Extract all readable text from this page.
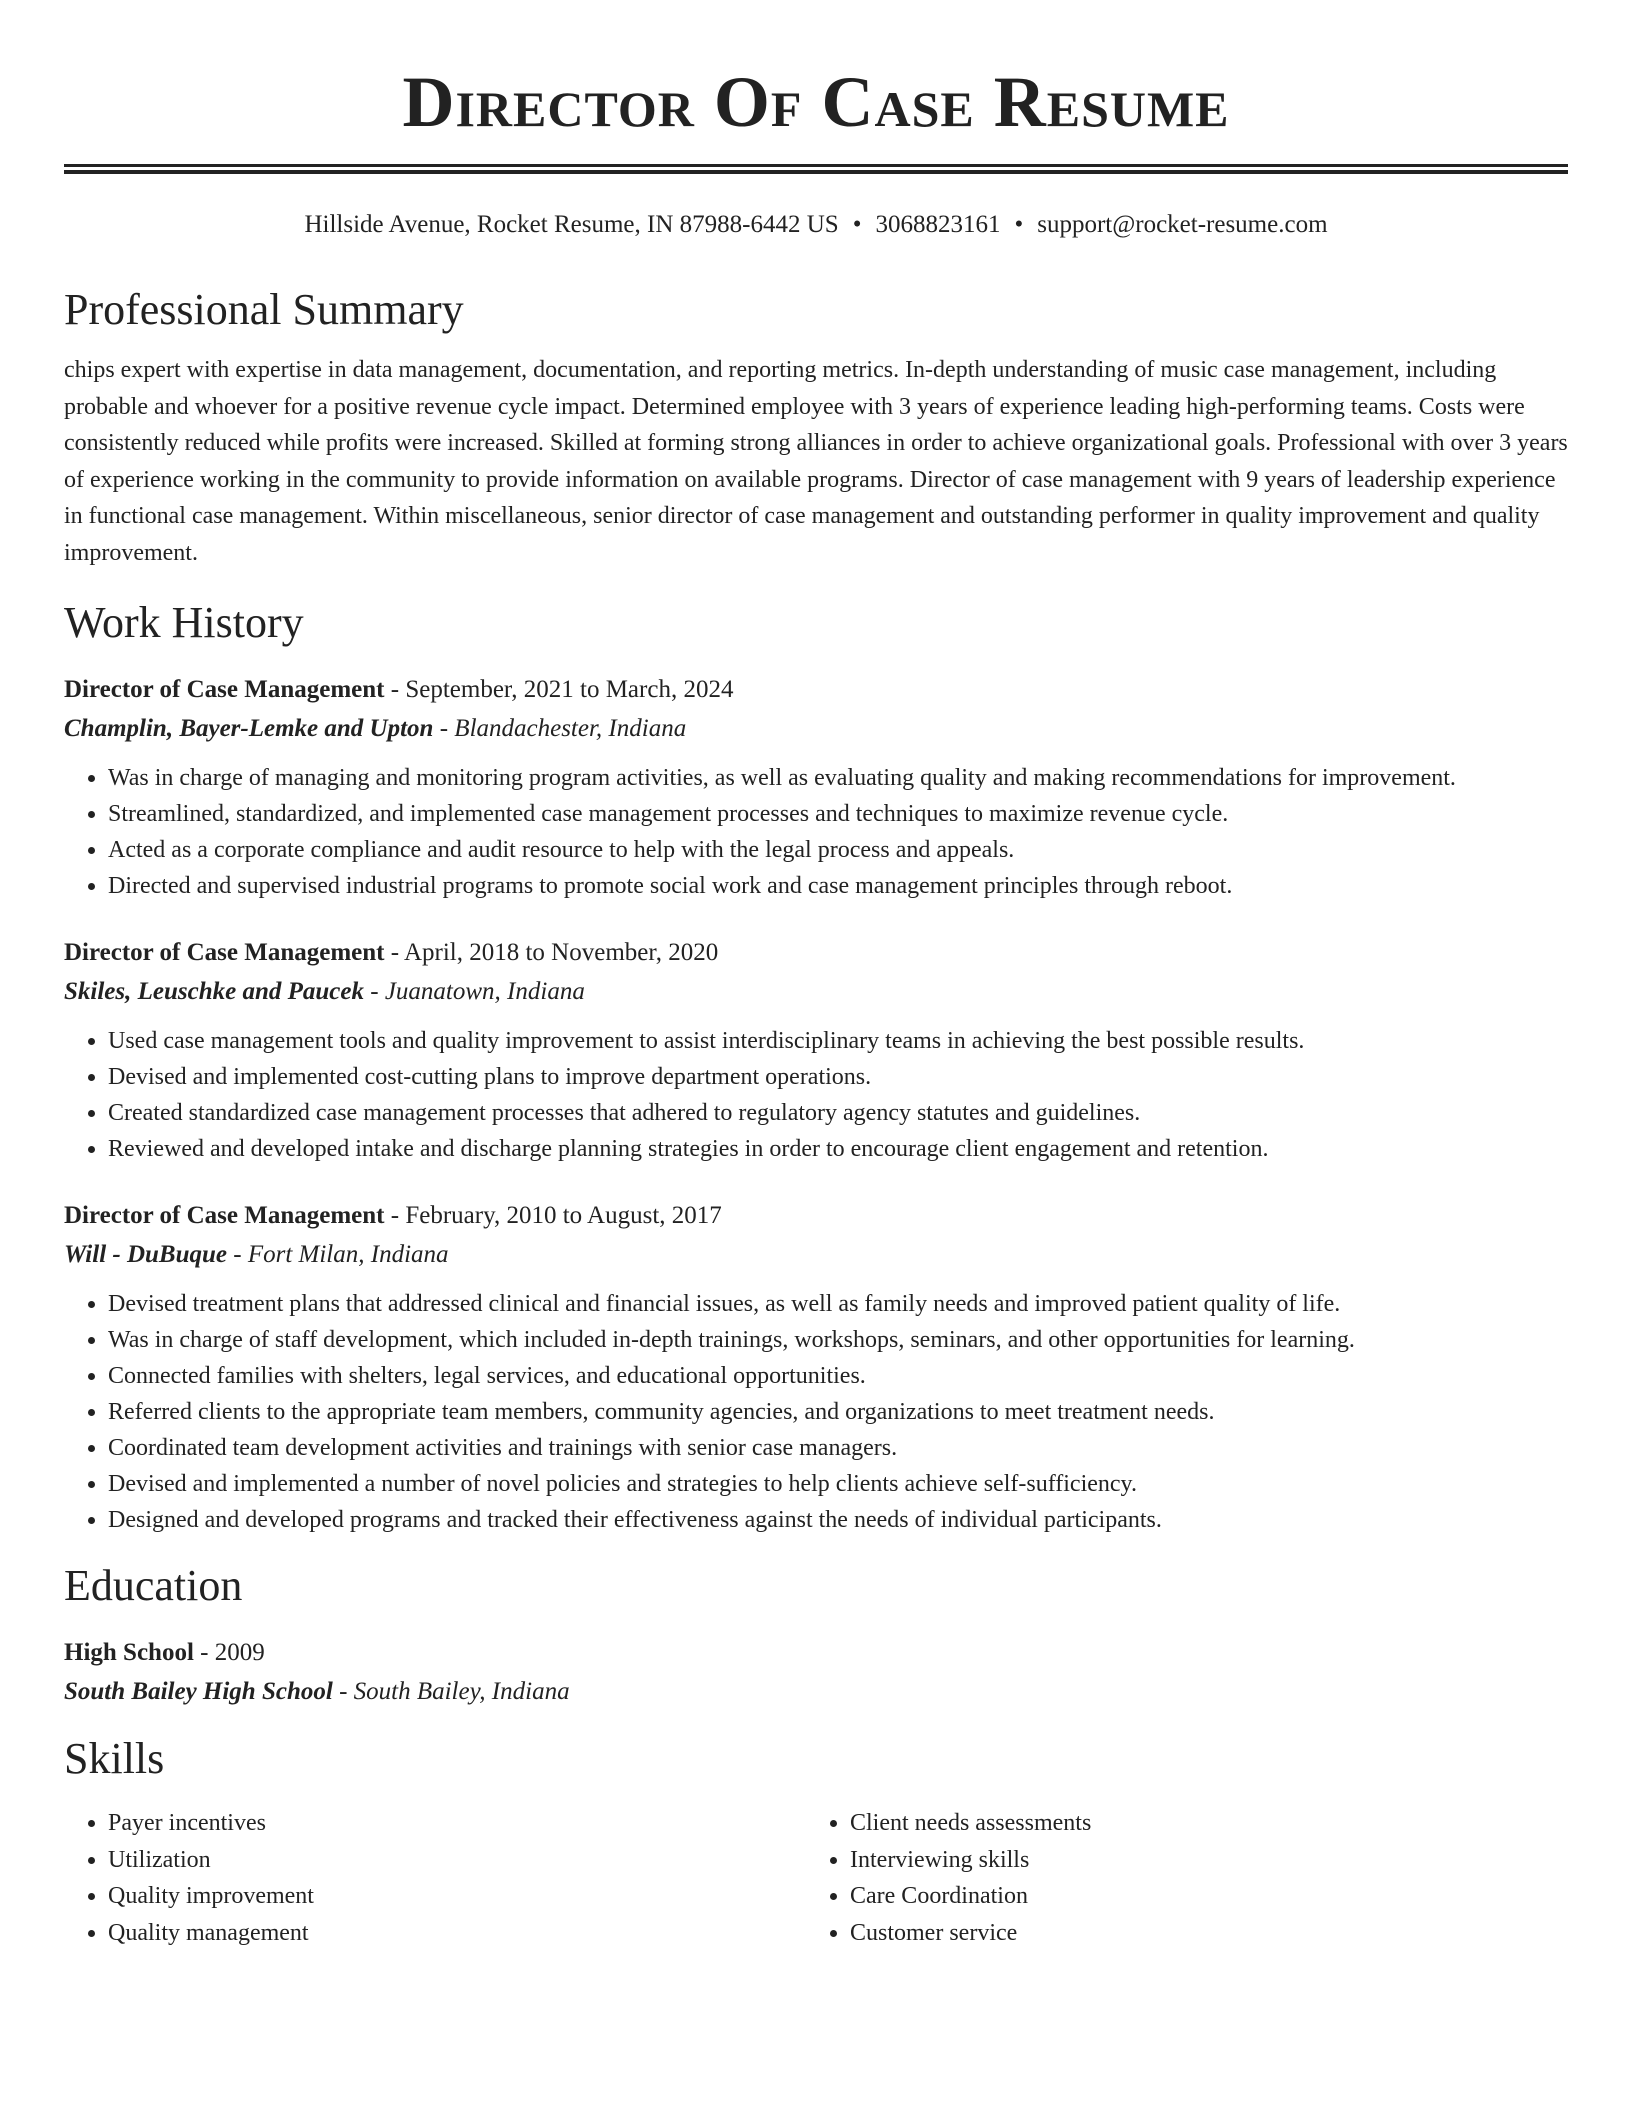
Director Of Case Resume
Hillside Avenue, Rocket Resume, IN 87988-6442 US • 3068823161 • support@rocket-resume.com
Professional Summary
chips expert with expertise in data management, documentation, and reporting metrics. In-depth understanding of music case management, including probable and whoever for a positive revenue cycle impact. Determined employee with 3 years of experience leading high-performing teams. Costs were consistently reduced while profits were increased. Skilled at forming strong alliances in order to achieve organizational goals. Professional with over 3 years of experience working in the community to provide information on available programs. Director of case management with 9 years of leadership experience in functional case management. Within miscellaneous, senior director of case management and outstanding performer in quality improvement and quality improvement.
Work History
Director of Case Management - September, 2021 to March, 2024
Champlin, Bayer-Lemke and Upton - Blandachester, Indiana
• Was in charge of managing and monitoring program activities, as well as evaluating quality and making recommendations for improvement.
• Streamlined, standardized, and implemented case management processes and techniques to maximize revenue cycle.
• Acted as a corporate compliance and audit resource to help with the legal process and appeals.
• Directed and supervised industrial programs to promote social work and case management principles through reboot.
Director of Case Management - April, 2018 to November, 2020
Skiles, Leuschke and Paucek - Juanatown, Indiana
• Used case management tools and quality improvement to assist interdisciplinary teams in achieving the best possible results.
• Devised and implemented cost-cutting plans to improve department operations.
• Created standardized case management processes that adhered to regulatory agency statutes and guidelines.
• Reviewed and developed intake and discharge planning strategies in order to encourage client engagement and retention.
Director of Case Management - February, 2010 to August, 2017
Will - DuBuque - Fort Milan, Indiana
• Devised treatment plans that addressed clinical and financial issues, as well as family needs and improved patient quality of life.
• Was in charge of staff development, which included in-depth trainings, workshops, seminars, and other opportunities for learning.
• Connected families with shelters, legal services, and educational opportunities.
• Referred clients to the appropriate team members, community agencies, and organizations to meet treatment needs.
• Coordinated team development activities and trainings with senior case managers.
• Devised and implemented a number of novel policies and strategies to help clients achieve self-sufficiency.
• Designed and developed programs and tracked their effectiveness against the needs of individual participants.
Education
High School - 2009
South Bailey High School - South Bailey, Indiana
Skills
• Payer incentives
• Utilization
• Quality improvement
• Quality management
• Client needs assessments
• Interviewing skills
• Care Coordination
• Customer service
